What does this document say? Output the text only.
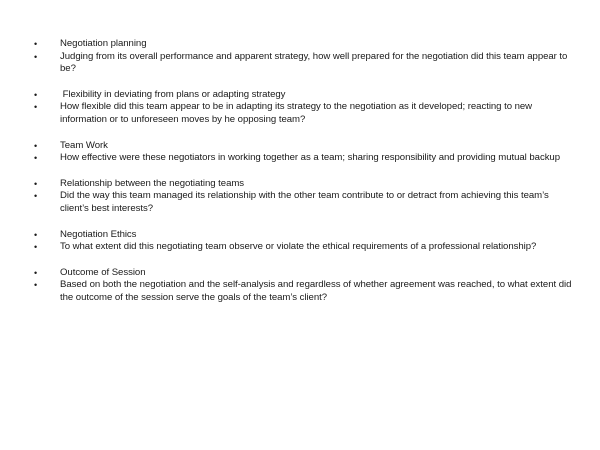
• Negotiation planning
• Judging from its overall performance and apparent strategy, how well prepared for the negotiation did this team appear to be?
• Flexibility in deviating from plans or adapting strategy
• How flexible did this team appear to be in adapting its strategy to the negotiation as it developed; reacting to new information or to unforeseen moves by he opposing team?
• Team Work
• How effective were these negotiators in working together as a team; sharing responsibility and providing mutual backup
• Relationship between the negotiating teams
• Did the way this team managed its relationship with the other team contribute to or detract from achieving this team’s client’s best interests?
• Negotiation Ethics
• To what extent did this negotiating team observe or violate the ethical requirements of a professional relationship?
• Outcome of Session
• Based on both the negotiation and the self-analysis and regardless of whether agreement was reached, to what extent did the outcome of the session serve the goals of the team’s client?
